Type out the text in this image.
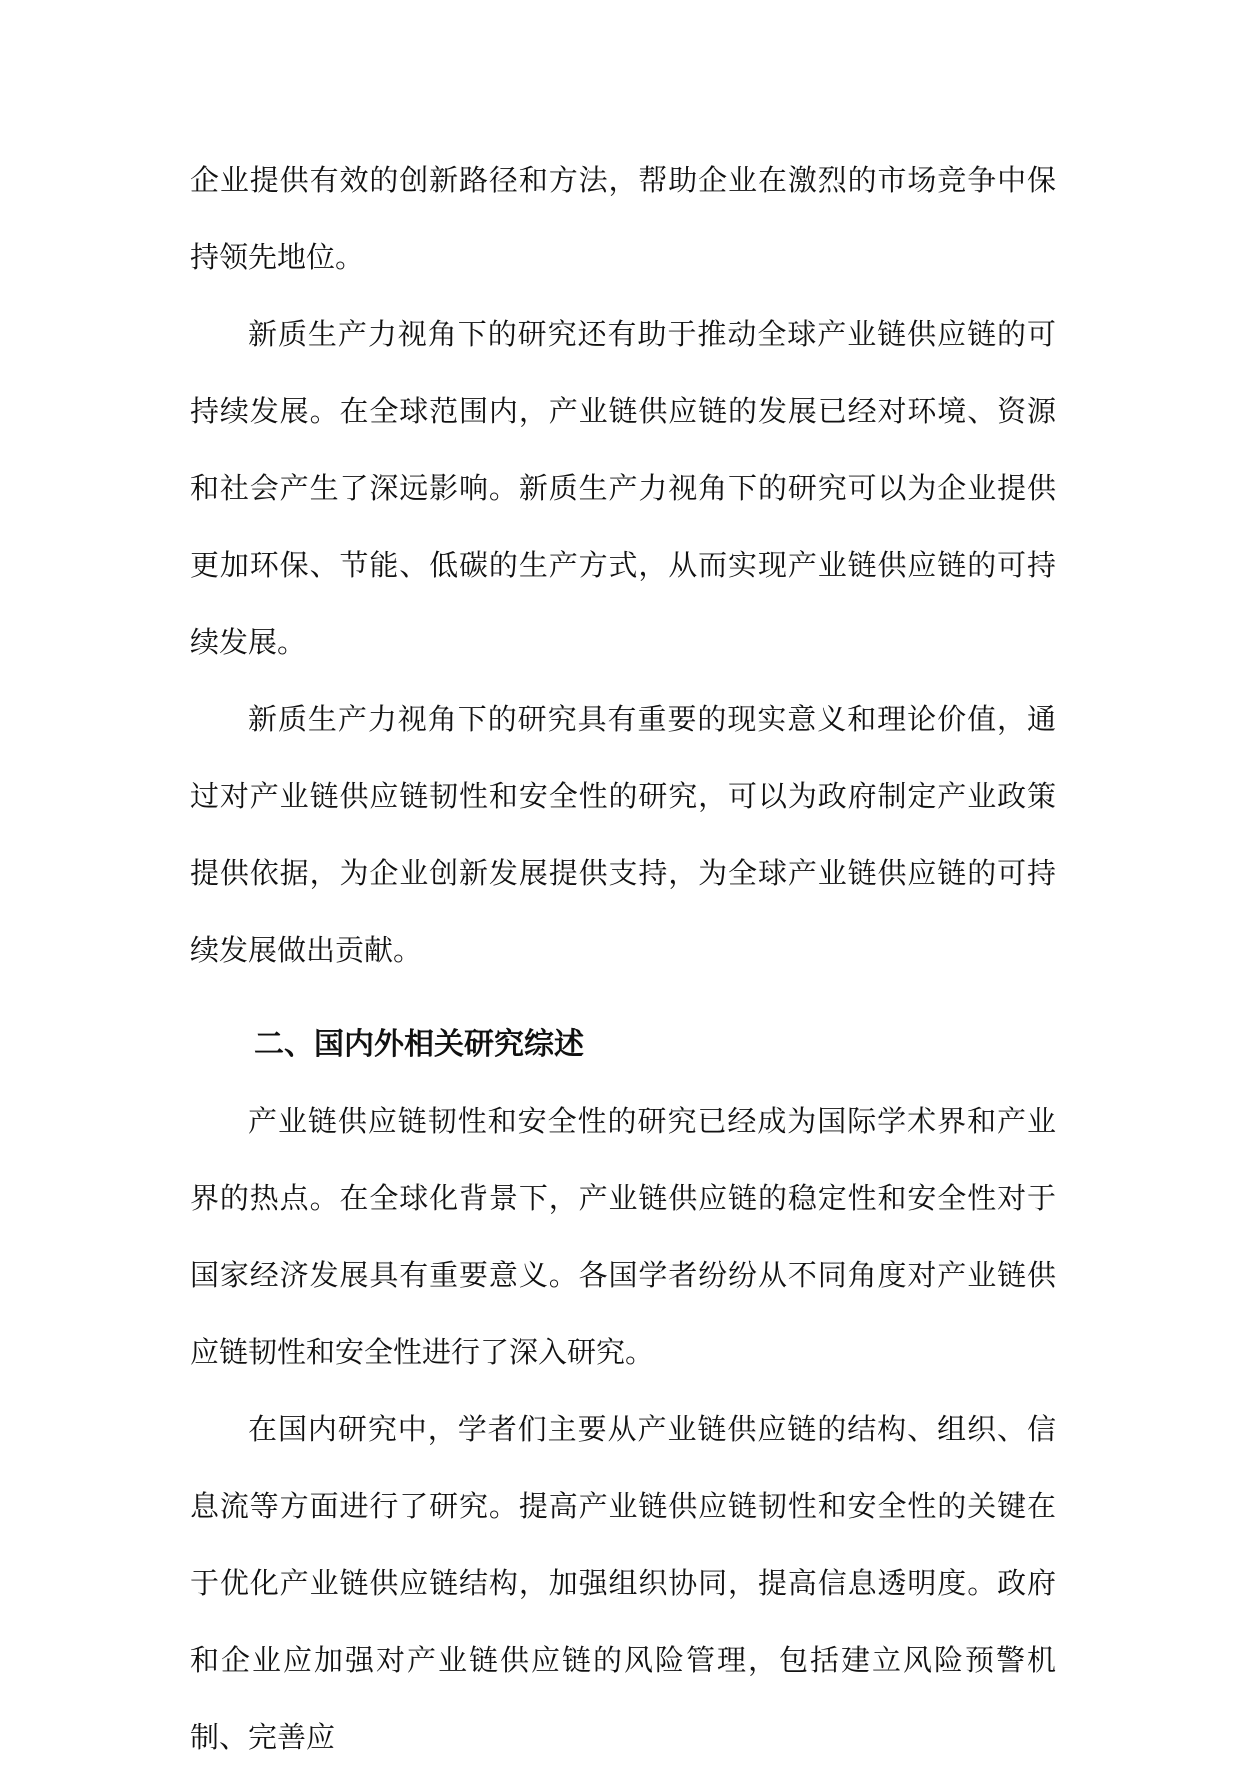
企业提供有效的创新路径和方法，帮助企业在激烈的市场竞争中保持领先地位。

新质生产力视角下的研究还有助于推动全球产业链供应链的可持续发展。在全球范围内，产业链供应链的发展已经对环境、资源和社会产生了深远影响。新质生产力视角下的研究可以为企业提供更加环保、节能、低碳的生产方式，从而实现产业链供应链的可持续发展。

新质生产力视角下的研究具有重要的现实意义和理论价值，通过对产业链供应链韧性和安全性的研究，可以为政府制定产业政策提供依据，为企业创新发展提供支持，为全球产业链供应链的可持续发展做出贡献。

二、国内外相关研究综述

产业链供应链韧性和安全性的研究已经成为国际学术界和产业界的热点。在全球化背景下，产业链供应链的稳定性和安全性对于国家经济发展具有重要意义。各国学者纷纷从不同角度对产业链供应链韧性和安全性进行了深入研究。

在国内研究中，学者们主要从产业链供应链的结构、组织、信息流等方面进行了研究。提高产业链供应链韧性和安全性的关键在于优化产业链供应链结构，加强组织协同，提高信息透明度。政府和企业应加强对产业链供应链的风险管理，包括建立风险预警机制、完善应
